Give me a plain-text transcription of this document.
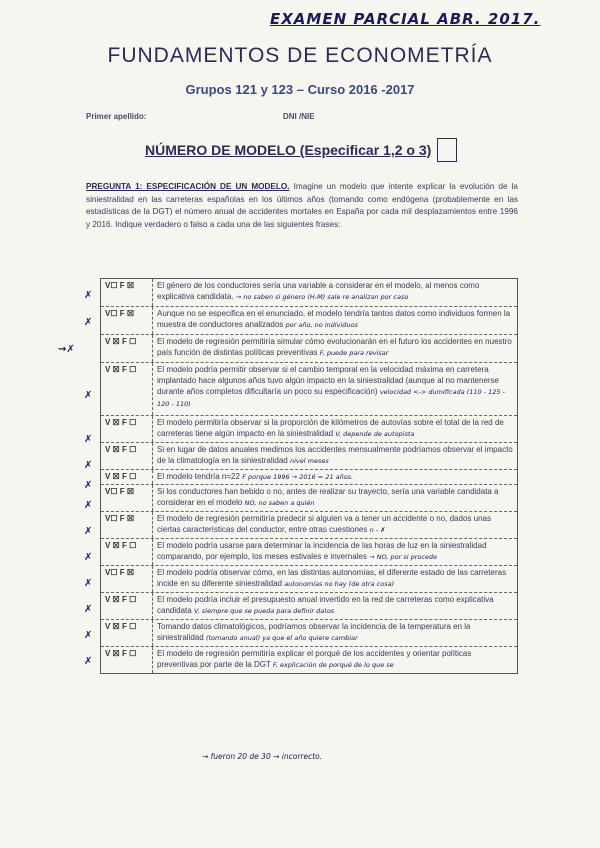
EXAMEN PARCIAL ABR. 2017.
FUNDAMENTOS DE ECONOMETRÍA
Grupos 121 y 123 – Curso 2016 -2017
Primer apellido:	DNI /NIE
NÚMERO DE MODELO (Especificar 1,2 o 3)
PREGUNTA 1: ESPECIFICACIÓN DE UN MODELO. Imagine un modelo que intente explicar la evolución de la siniestralidad en las carreteras españolas en los últimos años (tomando como endógena (probablemente en las estadísticas de la DGT) el número anual de accidentes mortales en España por cada mil desplazamientos entre 1996 y 2016. Indique verdadero o falso a cada una de las siguientes frases:
V☐ F ☒	El género de los conductores sería una variable a considerar en el modelo, al menos como explicativa candidata. → no saben si género (H-M) sale re analizan por caso
V☐ F ☒	Aunque no se especifica en el enunciado, el modelo tendría tantos datos como individuos formen la muestra de conductores analizados por año, no individuos
V ☒ F ☐	El modelo de regresión permitiría simular cómo evolucionarán en el futuro los accidentes en nuestro país función de distintas políticas preventivas F, puede para revisar
V ☒ F ☐	El modelo podría permitir observar si el cambio temporal en la velocidad máxima en carretera implantado hace algunos años tuvo algún impacto en la siniestralidad (aunque al no mantenerse durante años completos dificultaría un poco su especificación) velocidad <-> dumificada (110 - 125 - 120 - 110)
V ☒ F ☐	El modelo permitiría observar si la proporción de kilómetros de autovías sobre el total de la red de carreteras tiene algún impacto en la siniestralidad V, depende de autopista
V ☒ F ☐	Si en lugar de datos anuales medimos los accidentes mensualmente podríamos observar el impacto de la climatología en la siniestralidad nivel meses
V ☒ F ☐	El modelo tendría n=22 F porque 1996 → 2016 = 21 años.
V☐ F ☒	Si los conductores han bebido o no, antes de realizar su trayecto, sería una variable candidata a considerar en el modelo NO, no saben a quién
V☐ F ☒	El modelo de regresión permitiría predecir si alguien va a tener un accidente o no, dados unas ciertas características del conductor, entre otras cuestiones n - ✗
V ☒ F ☐	El modelo podría usarse para determinar la incidencia de las horas de luz en la siniestralidad comparando, por ejemplo, los meses estivales e invernales → NO, por si procede
V☐ F ☒	El modelo podría observar cómo, en las distintas autonomías, el diferente estado de las carreteras incide en su diferente siniestralidad autonomías no hay (de otra cosa)
V ☒ F ☐	El modelo podría incluir el presupuesto anual invertido en la red de carreteras como explicativa candidata V, siempre que se pueda para definir datos
V ☒ F ☐	Tomando datos climatológicos, podríamos observar la incidencia de la temperatura en la siniestralidad (tomando anual) ya que el año quiere cambiar
V ☒ F ☐	El modelo de regresión permitiría explicar el porqué de los accidentes y orientar políticas preventivas por parte de la DGT F, explicación de porqué de lo que se
✗
✗
→✗
✗
✗
✗
✗
✗
✗
✗
✗
✗
✗
✗
→ fueron 20 de 30 → incorrecto.
